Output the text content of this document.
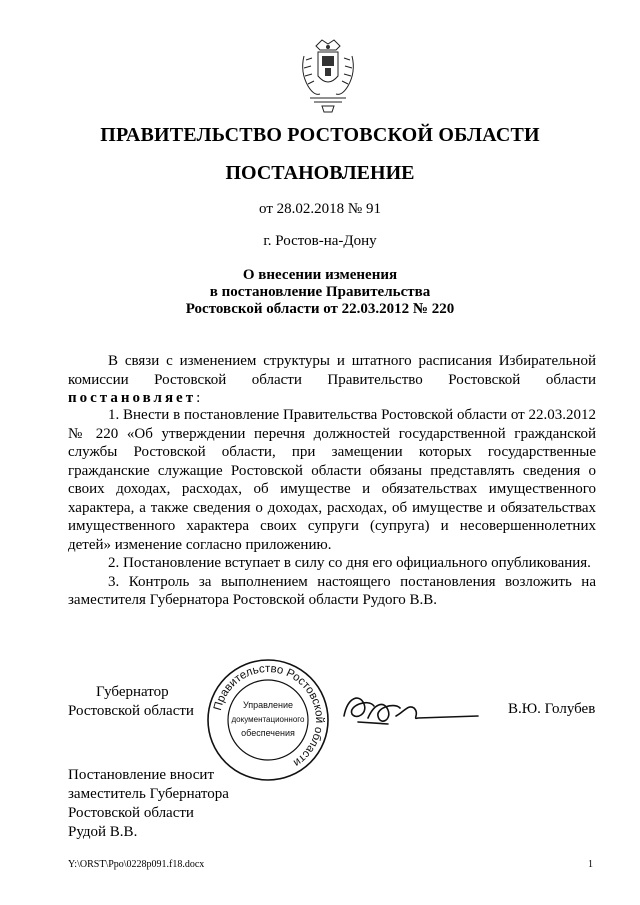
ПРАВИТЕЛЬСТВО РОСТОВСКОЙ ОБЛАСТИ
ПОСТАНОВЛЕНИЕ
от 28.02.2018 № 91
г. Ростов-на-Дону
О внесении изменения
в постановление Правительства
Ростовской области от 22.03.2012 № 220

В связи с изменением структуры и штатного расписания Избирательной комиссии Ростовской области Правительство Ростовской области постановляет:

1. Внести в постановление Правительства Ростовской области от 22.03.2012 № 220 «Об утверждении перечня должностей государственной гражданской службы Ростовской области, при замещении которых государственные гражданские служащие Ростовской области обязаны представлять сведения о своих доходах, расходах, об имуществе и обязательствах имущественного характера, а также сведения о доходах, расходах, об имуществе и обязательствах имущественного характера своих супруги (супруга) и несовершеннолетних детей» изменение согласно приложению.

2. Постановление вступает в силу со дня его официального опубликования.

3. Контроль за выполнением настоящего постановления возложить на заместителя Губернатора Ростовской области Рудого В.В.

Губернатор
Ростовской области Правительство Ростовской области
Управление
документационного
обеспечения
В.Ю. Голубев
Постановление вносит
заместитель Губернатора
Ростовской области
Рудой В.В.
Y:\ORST\Ppo\0228p091.f18.docx	1
